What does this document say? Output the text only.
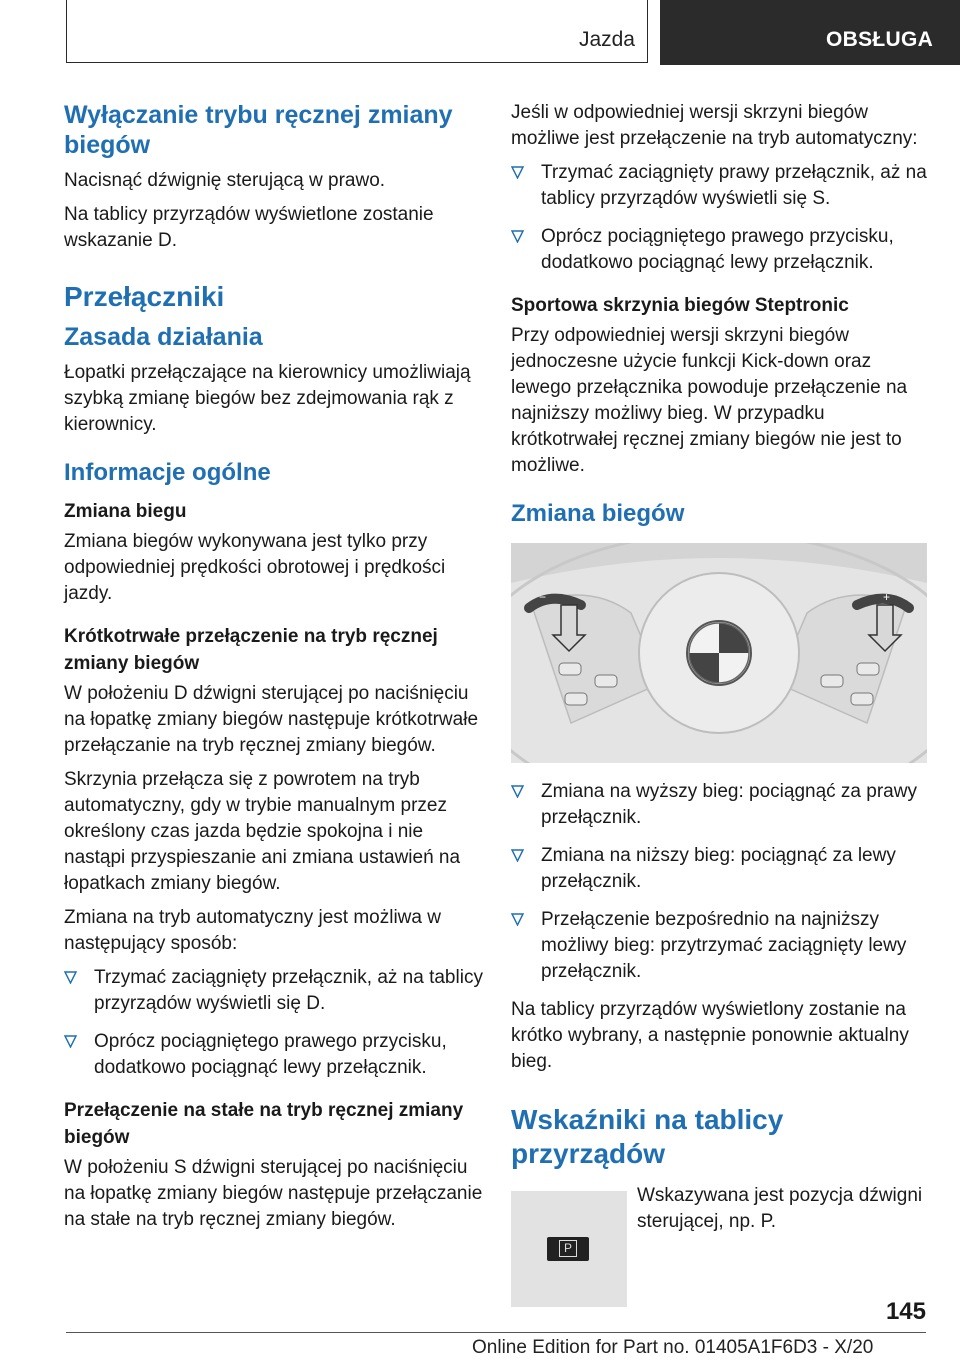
Jazda	OBSŁUGA
Wyłączanie trybu ręcznej zmiany biegów
Nacisnąć dźwignię sterującą w prawo.
Na tablicy przyrządów wyświetlone zostanie wskazanie D.
Przełączniki
Zasada działania
Łopatki przełączające na kierownicy umożliwiają szybką zmianę biegów bez zdejmowania rąk z kierownicy.
Informacje ogólne
Zmiana biegu
Zmiana biegów wykonywana jest tylko przy odpowiedniej prędkości obrotowej i prędkości jazdy.
Krótkotrwałe przełączenie na tryb ręcznej zmiany biegów
W położeniu D dźwigni sterującej po naciśnięciu na łopatkę zmiany biegów następuje krótkotrwałe przełączanie na tryb ręcznej zmiany biegów.
Skrzynia przełącza się z powrotem na tryb automatyczny, gdy w trybie manualnym przez określony czas jazda będzie spokojna i nie nastąpi przyspieszanie ani zmiana ustawień na łopatkach zmiany biegów.
Zmiana na tryb automatyczny jest możliwa w następujący sposób:
Trzymać zaciągnięty przełącznik, aż na tablicy przyrządów wyświetli się D.
Oprócz pociągniętego prawego przycisku, dodatkowo pociągnąć lewy przełącznik.
Przełączenie na stałe na tryb ręcznej zmiany biegów
W położeniu S dźwigni sterującej po naciśnięciu na łopatkę zmiany biegów następuje przełączanie na stałe na tryb ręcznej zmiany biegów.
Jeśli w odpowiedniej wersji skrzyni biegów możliwe jest przełączenie na tryb automatyczny:
Trzymać zaciągnięty prawy przełącznik, aż na tablicy przyrządów wyświetli się S.
Oprócz pociągniętego prawego przycisku, dodatkowo pociągnąć lewy przełącznik.
Sportowa skrzynia biegów Steptronic
Przy odpowiedniej wersji skrzyni biegów jednoczesne użycie funkcji Kick-down oraz lewego przełącznika powoduje przełączenie na najniższy możliwy bieg. W przypadku krótkotrwałej ręcznej zmiany biegów nie jest to możliwe.
Zmiana biegów
−	+
Zmiana na wyższy bieg: pociągnąć za prawy przełącznik.
Zmiana na niższy bieg: pociągnąć za lewy przełącznik.
Przełączenie bezpośrednio na najniższy możliwy bieg: przytrzymać zaciągnięty lewy przełącznik.
Na tablicy przyrządów wyświetlony zostanie na krótko wybrany, a następnie ponownie aktualny bieg.
Wskaźniki na tablicy przyrządów
P
Wskazywana jest pozycja dźwigni sterującej, np. P.
145
Online Edition for Part no. 01405A1F6D3 - X/20
